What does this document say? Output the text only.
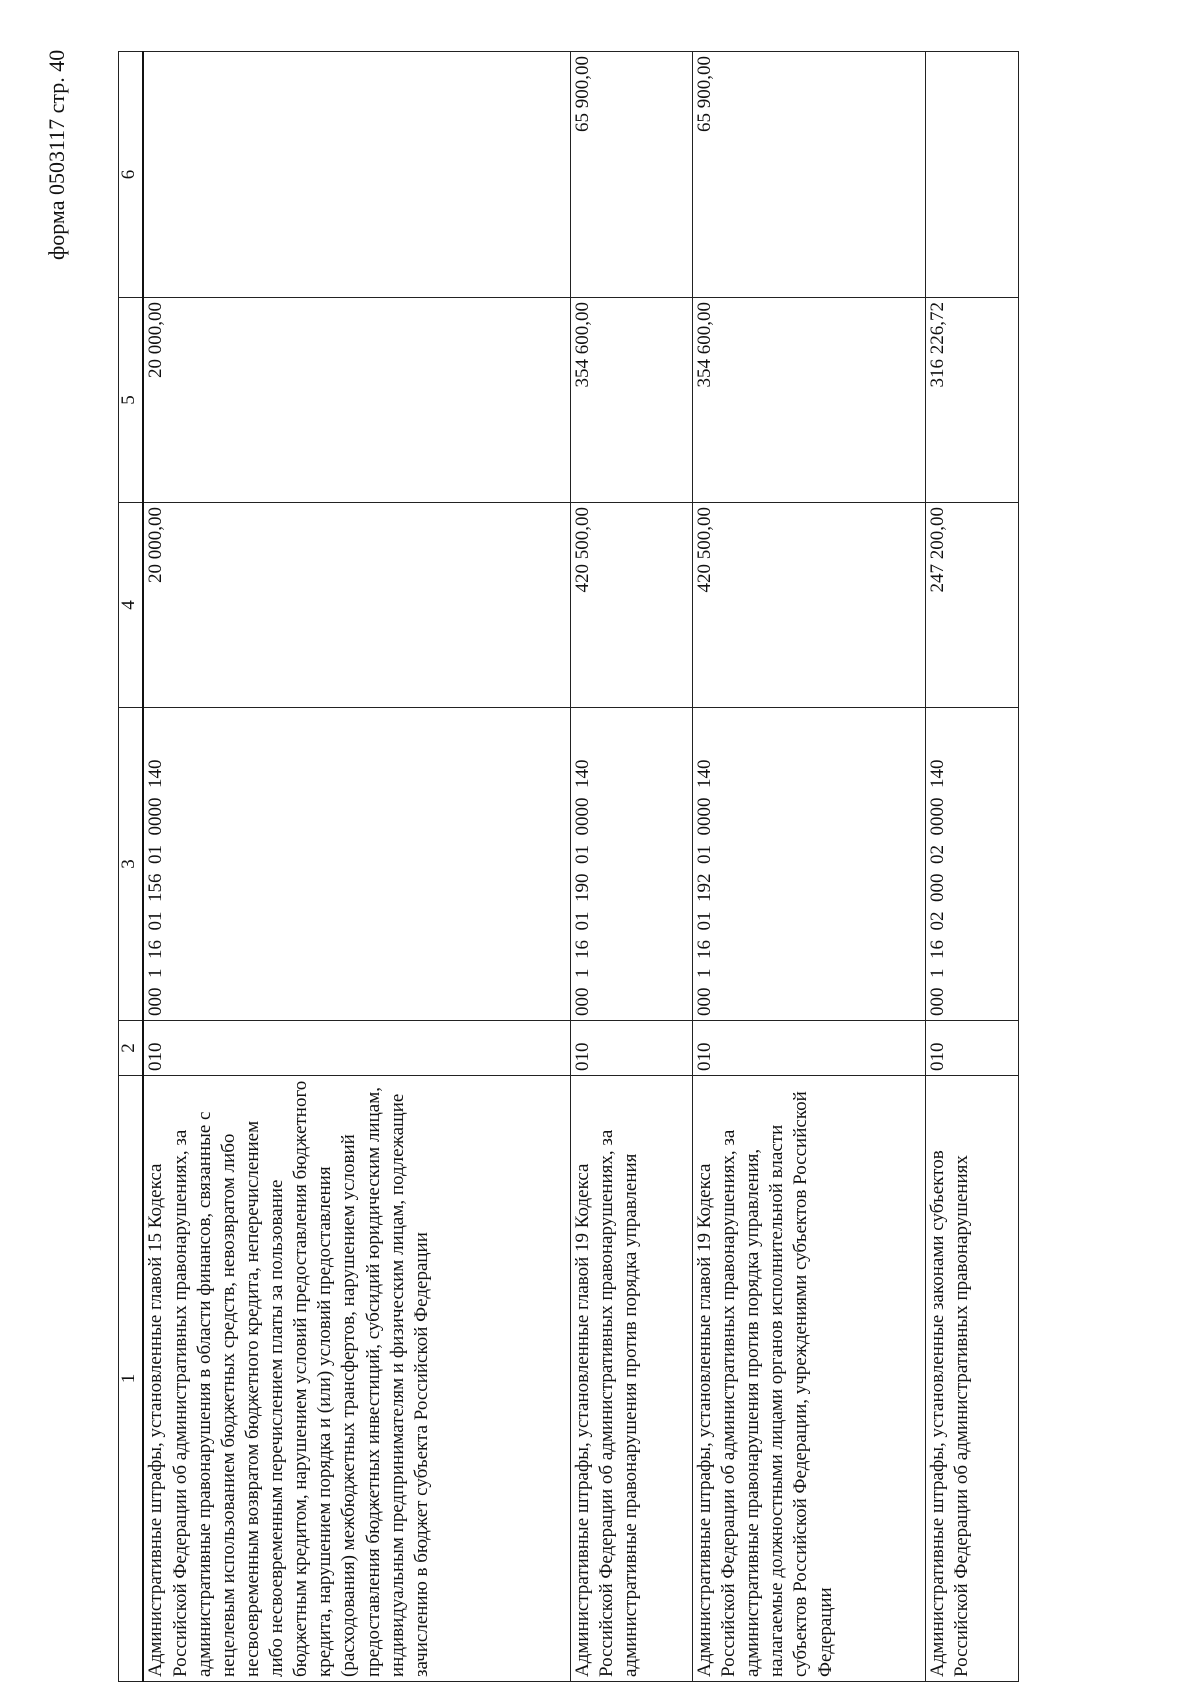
форма 0503117 стр. 40
1	2	3	4	5	6
Административные штрафы, установленные главой 15 Кодекса Российской Федерации об административных правонарушениях, за административные правонарушения в области финансов, связанные с нецелевым использованием бюджетных средств, невозвратом либо несвоевременным возвратом бюджетного кредита, неперечислением либо несвоевременным перечислением платы за пользование бюджетным кредитом, нарушением условий предоставления бюджетного кредита, нарушением порядка и (или) условий предоставления (расходования) межбюджетных трансфертов, нарушением условий предоставления бюджетных инвестиций, субсидий юридическим лицам, индивидуальным предпринимателям и физическим лицам, подлежащие зачислению в бюджет субъекта Российской Федерации	010	000  1  16  01  156  01  0000  140	20 000,00	20 000,00	
Административные штрафы, установленные главой 19 Кодекса Российской Федерации об административных правонарушениях, за административные правонарушения против порядка управления	010	000  1  16  01  190  01  0000  140	420 500,00	354 600,00	65 900,00
Административные штрафы, установленные главой 19 Кодекса Российской Федерации об административных правонарушениях, за административные правонарушения против порядка управления, налагаемые должностными лицами органов исполнительной власти субъектов Российской Федерации, учреждениями субъектов Российской Федерации	010	000  1  16  01  192  01  0000  140	420 500,00	354 600,00	65 900,00
Административные штрафы, установленные законами субъектов Российской Федерации об административных правонарушениях	010	000  1  16  02  000  02  0000  140	247 200,00	316 226,72	
